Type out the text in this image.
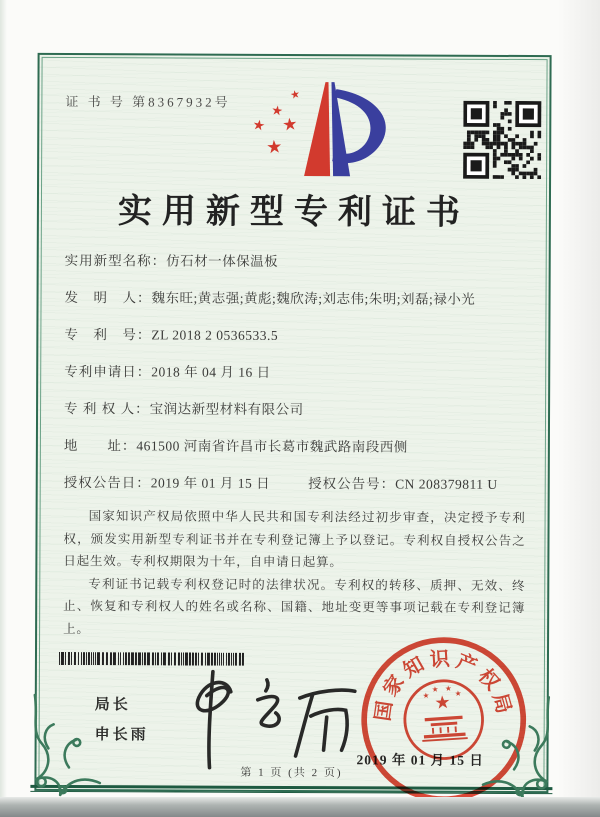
证 书 号 第8367932号	★
★
★
★
★
实用新型专利证书
实用新型名称： 仿石材一体保温板
发　明　人： 魏东旺;黄志强;黄彪;魏欣涛;刘志伟;朱明;刘磊;禄小光
专　利　号： ZL 2018 2 0536533.5
专利申请日： 2018 年 04 月 16 日
专 利 权 人： 宝润达新型材料有限公司
地　　址： 461500 河南省许昌市长葛市魏武路南段西侧
授权公告日：2019 年 01 月 15 日	授权公告号：CN 208379811 U

国家知识产权局依照中华人民共和国专利法经过初步审查，决定授予专利权，颁发实用新型专利证书并在专利登记簿上予以登记。专利权自授权公告之日起生效。专利权期限为十年，自申请日起算。

专利证书记载专利权登记时的法律状况。专利权的转移、质押、无效、终止、恢复和专利权人的姓名或名称、国籍、地址变更等事项记载在专利登记簿上。

局长
申长雨
2019 年 01 月 15 日
★
★
★ ★
★
国
家
知 识 产
权
局
第 1 页 (共 2 页)
